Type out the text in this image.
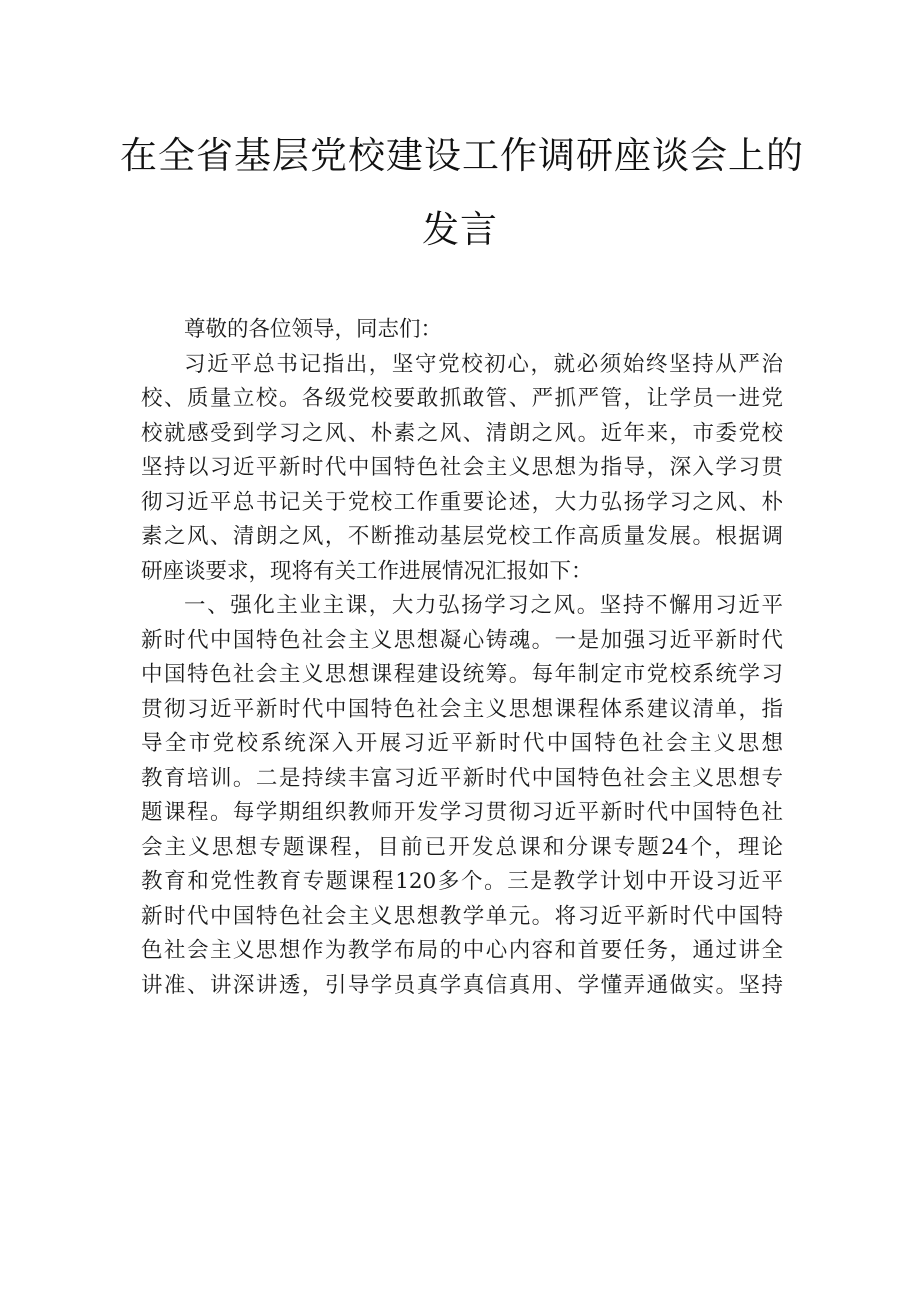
在全省基层党校建设工作调研座谈会上的
发言
尊敬的各位领导，同志们：
习近平总书记指出，坚守党校初心，就必须始终坚持从严治
校、质量立校。各级党校要敢抓敢管、严抓严管，让学员一进党
校就感受到学习之风、朴素之风、清朗之风。近年来，市委党校
坚持以习近平新时代中国特色社会主义思想为指导，深入学习贯
彻习近平总书记关于党校工作重要论述，大力弘扬学习之风、朴
素之风、清朗之风，不断推动基层党校工作高质量发展。根据调
研座谈要求，现将有关工作进展情况汇报如下：
一、强化主业主课，大力弘扬学习之风。坚持不懈用习近平
新时代中国特色社会主义思想凝心铸魂。一是加强习近平新时代
中国特色社会主义思想课程建设统筹。每年制定市党校系统学习
贯彻习近平新时代中国特色社会主义思想课程体系建议清单，指
导全市党校系统深入开展习近平新时代中国特色社会主义思想
教育培训。二是持续丰富习近平新时代中国特色社会主义思想专
题课程。每学期组织教师开发学习贯彻习近平新时代中国特色社
会主义思想专题课程，目前已开发总课和分课专题24个，理论
教育和党性教育专题课程120多个。三是教学计划中开设习近平
新时代中国特色社会主义思想教学单元。将习近平新时代中国特
色社会主义思想作为教学布局的中心内容和首要任务，通过讲全
讲准、讲深讲透，引导学员真学真信真用、学懂弄通做实。坚持
